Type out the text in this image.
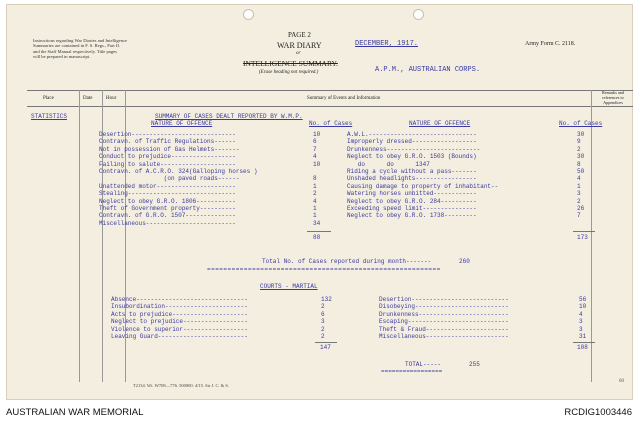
Instructions regarding War Diaries and Intelligence
Summaries are contained in F. S. Regs., Part II.
and the Staff Manual respectively. Title pages
will be prepared in manuscript.
PAGE 2
WAR DIARY
or
INTELLIGENCE SUMMARY.
(Erase heading not required.)
DECEMBER, 1917.	Army Form C. 2118.
A.P.M., AUSTRALIAN CORPS.
Place	Date	Hour	Summary of Events and Information
Remarks and
references to
Appendices
STATISTICS	SUMMARY OF CASES DEALT REPORTED BY W.M.P.
NATURE OF OFFENCE	No. of Cases	NATURE OF OFFENCE	No. of Cases
Desertion-----------------------------	10
Contravn. of Traffic Regulations------	6
Not in possession of Gas Helmets-------	7
Conduct to prejudice------------------	4
Failing to salute---------------------	10
Contravn. of A.C.R.O. 324(Galloping horses )
(on paved roads------	8
Unattended motor----------------------	1
Stealing------------------------------	2
Neglect to obey G.R.O. 1806-----------	4
Theft of Government property----------	1
Contravn. of G.R.O. 1507--------------	1
Miscellaneous-------------------------	34
A.W.L.------------------------------	30
Improperly dressed------------------	9
Drunkenness--------------------------	2
Neglect to obey G.R.O. 1503 (Bounds)	30
do      do      1347	8
Riding a cycle without a pass-------	50
Unshaded headlights-----------------	4
Causing damage to property of inhabitant--	1
Watering horses unbitted------------	3
Neglect to obey G.R.O. 284----------	2
Exceeding speed limit---------------	26
Neglect to obey G.R.O. 1738---------	7
88	173
Total No. of Cases reported during month-------	260
=========================================================
COURTS - MARTIAL
Absence-------------------------------	132
Insubordination-----------------------	2
Acts to prejudice---------------------	6
Neglect to prejudice------------------	3
Violence to superior------------------	2
Leaving Guard-------------------------	2
Desertion---------------------------	56
Disobeying--------------------------	10
Drunkenness-------------------------	4
Escaping----------------------------	3
Theft & Fraud-----------------------	3
Miscellaneous-----------------------	31
147	108
TOTAL-----	255
=================
T2134. Wt. W708—776. 500000. 4/15. Sir J. C. & S.
60
AUSTRALIAN WAR MEMORIAL	RCDIG1003446
